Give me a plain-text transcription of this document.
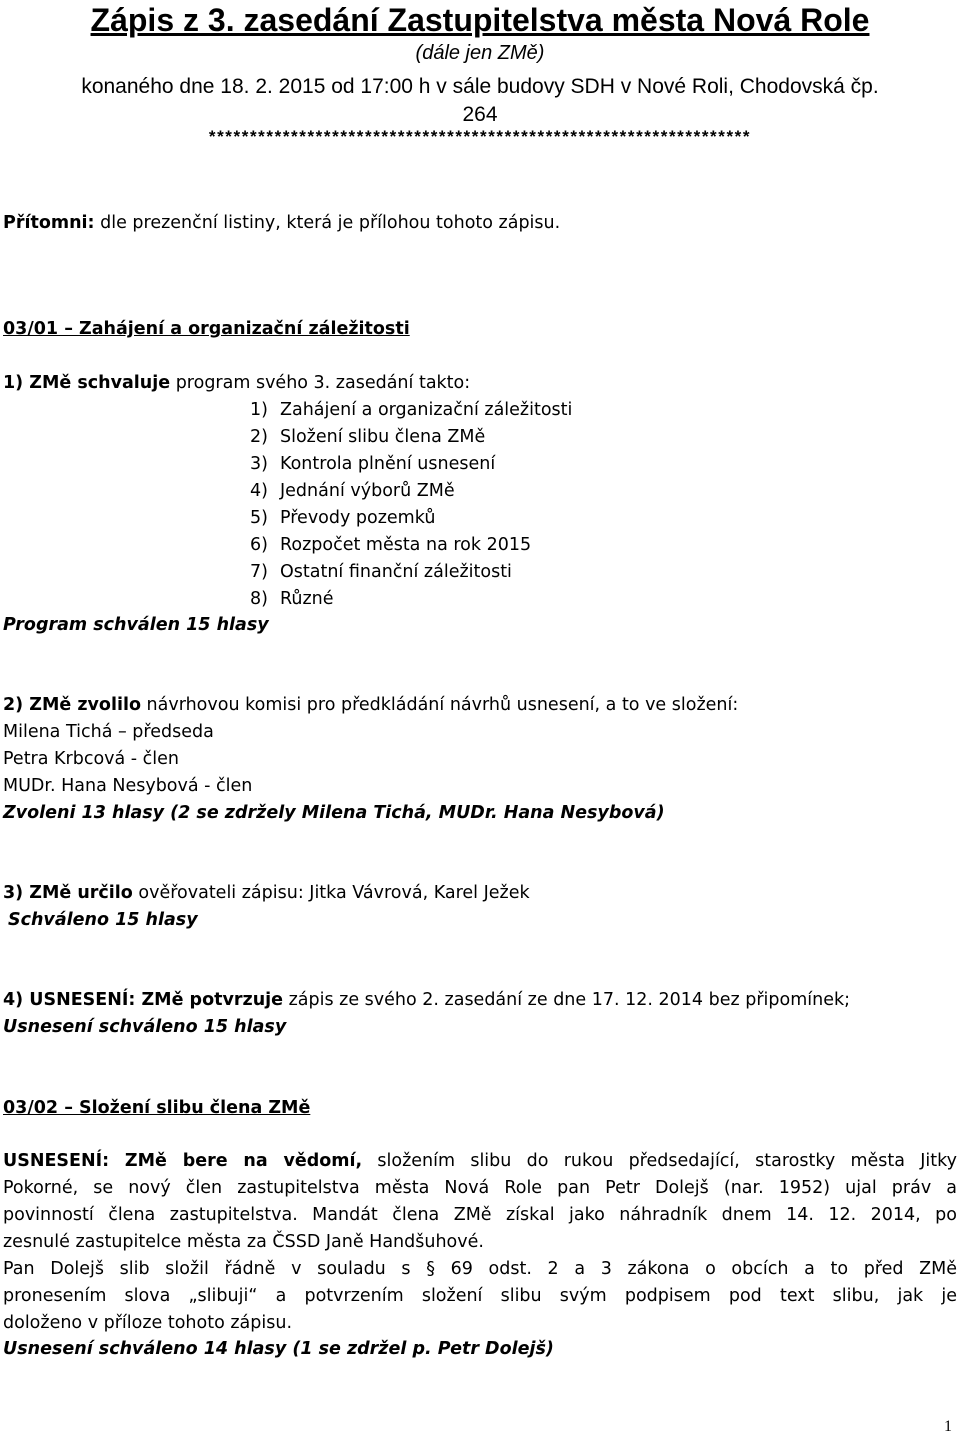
Zápis z 3. zasedání Zastupitelstva města Nová Role
(dále jen ZMě)
konaného dne 18. 2. 2015 od 17:00 h v sále budovy SDH v Nové Roli, Chodovská čp.
264
******************************************************************
Přítomni: dle prezenční listiny, která je přílohou tohoto zápisu.
03/01 – Zahájení a organizační záležitosti
1) ZMě schvaluje program svého 3. zasedání takto:
1) Zahájení a organizační záležitosti
2) Složení slibu člena ZMě
3) Kontrola plnění usnesení
4) Jednání výborů ZMě
5) Převody pozemků
6) Rozpočet města na rok 2015
7) Ostatní finanční záležitosti
8) Různé
Program schválen 15 hlasy
2) ZMě zvolilo návrhovou komisi pro předkládání návrhů usnesení, a to ve složení:
Milena Tichá – předseda
Petra Krbcová - člen
MUDr. Hana Nesybová - člen
Zvoleni 13 hlasy (2 se zdržely Milena Tichá, MUDr. Hana Nesybová)
3) ZMě určilo ověřovateli zápisu: Jitka Vávrová, Karel Ježek
Schváleno 15 hlasy
4) USNESENÍ: ZMě potvrzuje zápis ze svého 2. zasedání ze dne 17. 12. 2014 bez připomínek;
Usnesení schváleno 15 hlasy
03/02 – Složení slibu člena ZMě
USNESENÍ: ZMě bere na vědomí, složením slibu do rukou předsedající, starostky města Jitky
Pokorné, se nový člen zastupitelstva města Nová Role pan Petr Dolejš (nar. 1952) ujal práv a
povinností člena zastupitelstva. Mandát člena ZMě získal jako náhradník dnem 14. 12. 2014, po
zesnulé zastupitelce města za ČSSD Janě Handšuhové.
Pan Dolejš slib složil řádně v souladu s § 69 odst. 2 a 3 zákona o obcích a to před ZMě
pronesením slova „slibuji“ a potvrzením složení slibu svým podpisem pod text slibu, jak je
doloženo v příloze tohoto zápisu.
Usnesení schváleno 14 hlasy (1 se zdržel p. Petr Dolejš)
1
